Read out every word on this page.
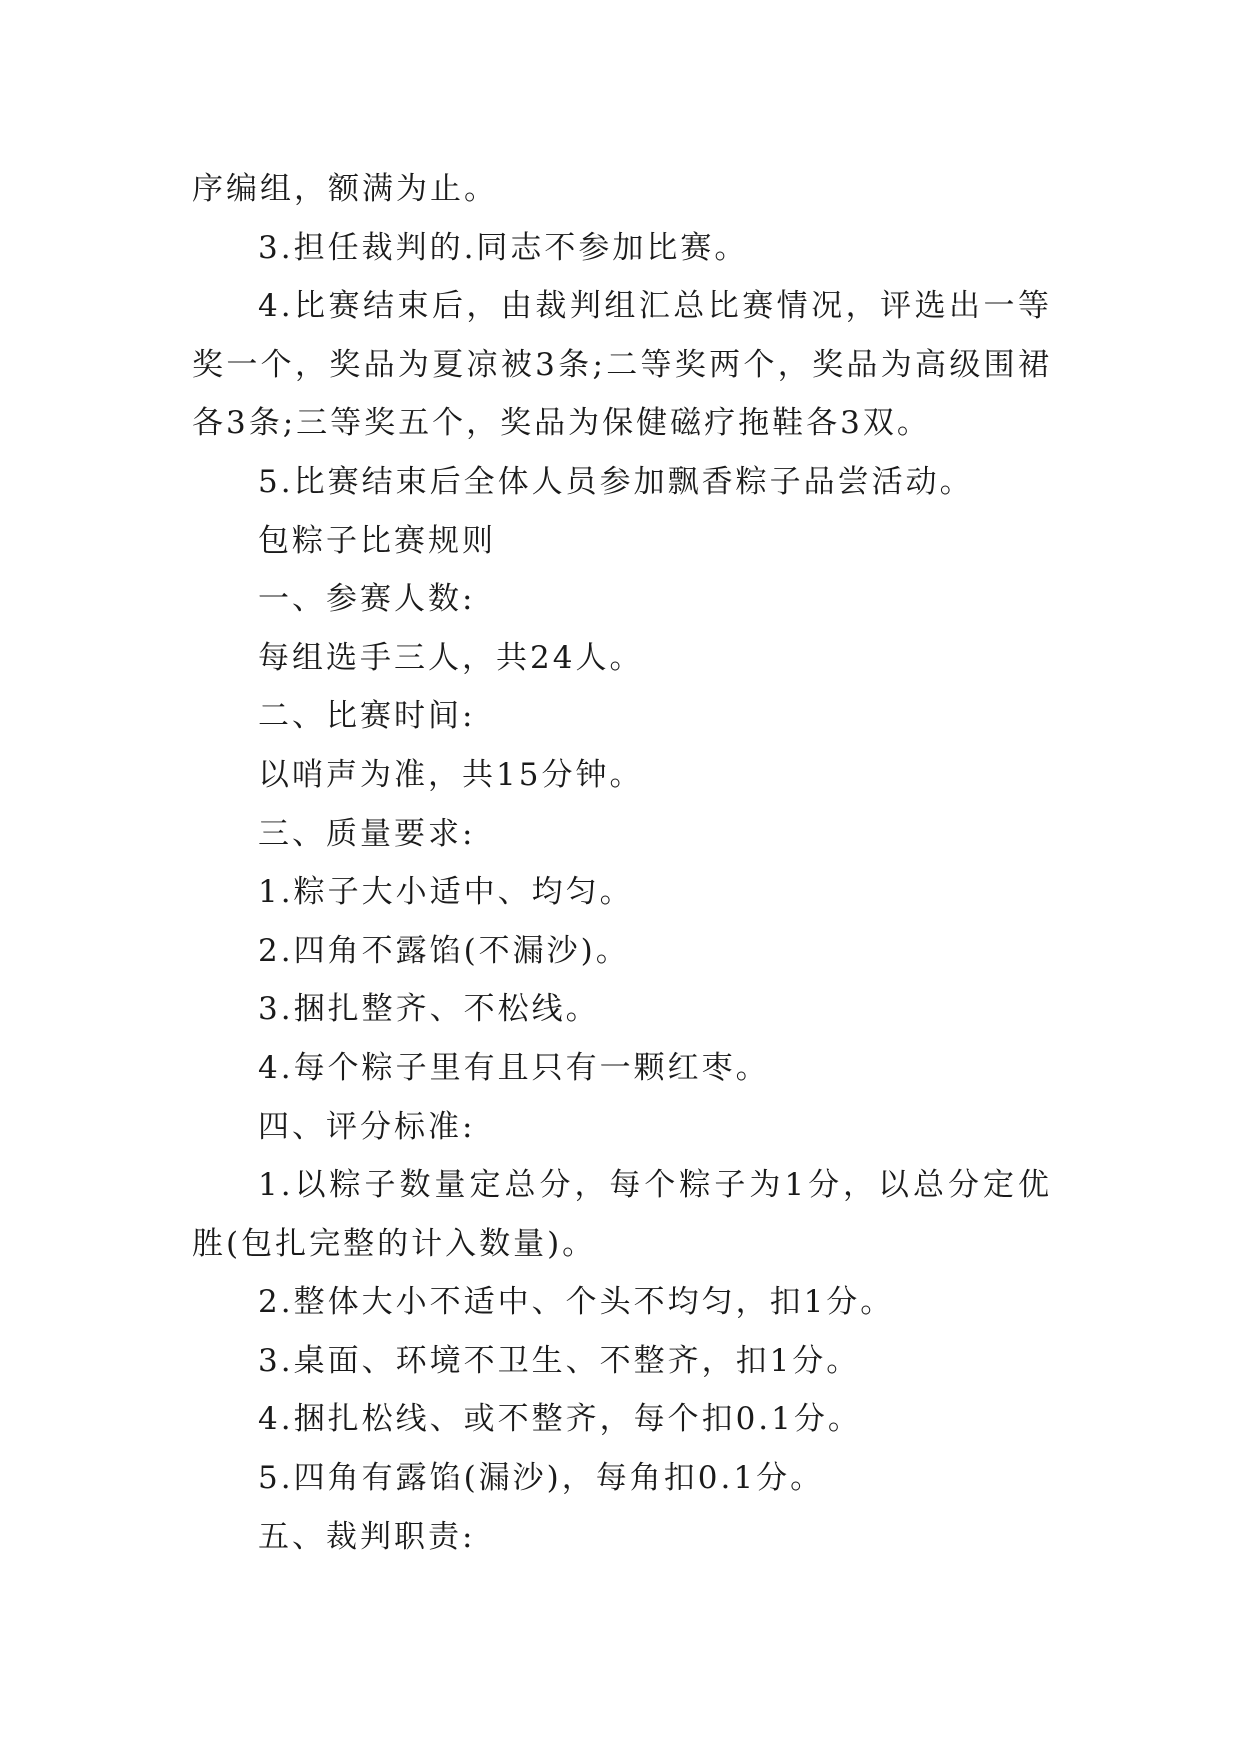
序编组，额满为止。

3.担任裁判的.同志不参加比赛。

4.比赛结束后，由裁判组汇总比赛情况，评选出一等奖一个，奖品为夏凉被3条;二等奖两个，奖品为高级围裙各3条;三等奖五个，奖品为保健磁疗拖鞋各3双。

5.比赛结束后全体人员参加飘香粽子品尝活动。

包粽子比赛规则

一、参赛人数:

每组选手三人，共24人。

二、比赛时间:

以哨声为准，共15分钟。

三、质量要求:

1.粽子大小适中、均匀。

2.四角不露馅(不漏沙)。

3.捆扎整齐、不松线。

4.每个粽子里有且只有一颗红枣。

四、评分标准:

1.以粽子数量定总分，每个粽子为1分，以总分定优胜(包扎完整的计入数量)。

2.整体大小不适中、个头不均匀，扣1分。

3.桌面、环境不卫生、不整齐，扣1分。

4.捆扎松线、或不整齐，每个扣0.1分。

5.四角有露馅(漏沙)，每角扣0.1分。

五、裁判职责:
